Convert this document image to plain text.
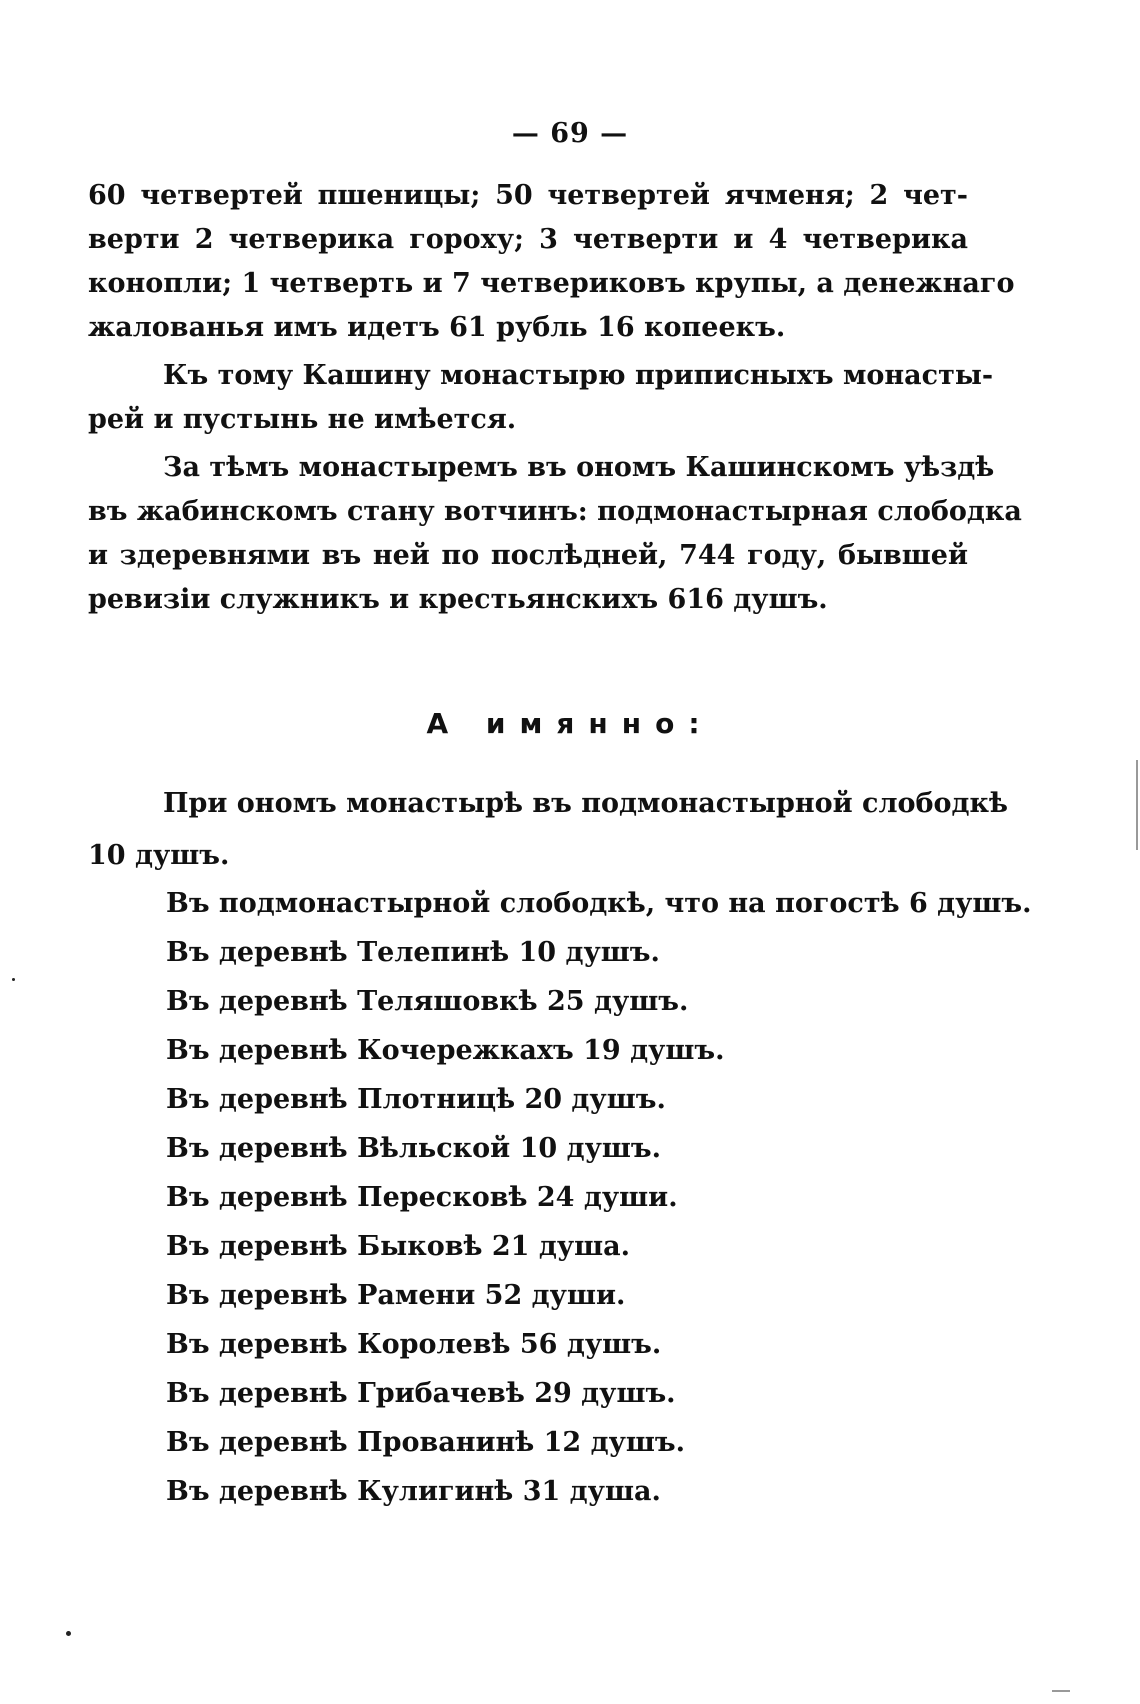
— 69 —
60 четвертей пшеницы; 50 четвертей ячменя; 2 чет-
верти 2 четверика гороху; 3 четверти и 4 четверика
конопли; 1 четверть и 7 четвериковъ крупы, а денежнаго
жалованья имъ идетъ 61 рубль 16 копеекъ.
Къ тому Кашину монастырю приписныхъ монасты-
рей и пустынь не имѣется.
За тѣмъ монастыремъ въ ономъ Кашинскомъ уѣздѣ
въ жабинскомъ стану вотчинъ: подмонастырная слободка
и здеревнями въ ней по послѣдней, 744 году, бывшей
ревизіи служникъ и крестьянскихъ 616 душъ.
А имянно:
При ономъ монастырѣ въ подмонастырной слободкѣ
10 душъ.
Въ подмонастырной слободкѣ, что на погостѣ 6 душъ.
Въ деревнѣ Телепинѣ 10 душъ.
Въ деревнѣ Теляшовкѣ 25 душъ.
Въ деревнѣ Кочережкахъ 19 душъ.
Въ деревнѣ Плотницѣ 20 душъ.
Въ деревнѣ Вѣльской 10 душъ.
Въ деревнѣ Пересковѣ 24 души.
Въ деревнѣ Быковѣ 21 душа.
Въ деревнѣ Рамени 52 души.
Въ деревнѣ Королевѣ 56 душъ.
Въ деревнѣ Грибачевѣ 29 душъ.
Въ деревнѣ Прованинѣ 12 душъ.
Въ деревнѣ Кулигинѣ 31 душа.
